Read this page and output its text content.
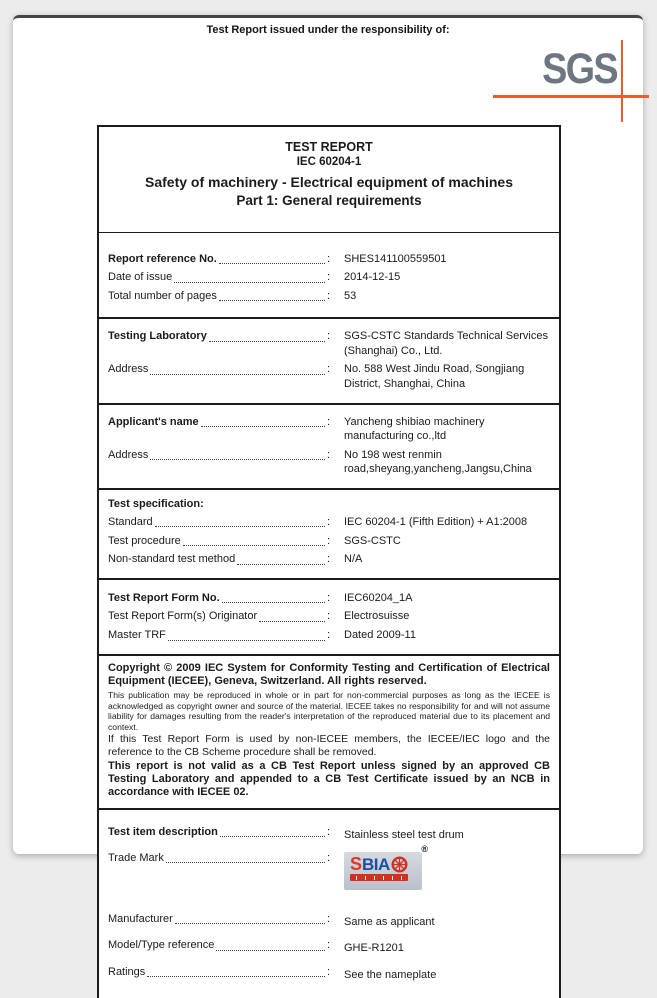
Test Report issued under the responsibility of:
SGS
TEST REPORT
IEC 60204-1
Safety of machinery - Electrical equipment of machines
Part 1: General requirements
Report reference No.
:	SHES141100559501
Date of issue
:	2014-12-15
Total number of pages
:	53
Testing Laboratory
:	SGS-CSTC Standards Technical Services (Shanghai) Co., Ltd.
Address
:	No. 588 West Jindu Road, Songjiang District, Shanghai, China
Applicant's name
:	Yancheng shibiao machinery manufacturing co.,ltd
Address
:	No 198 west renmin road,sheyang,yancheng,Jangsu,China
Test specification:
Standard
:	IEC 60204-1 (Fifth Edition) + A1:2008
Test procedure
:	SGS-CSTC
Non-standard test method
:	N/A
Test Report Form No.
:	IEC60204_1A
Test Report Form(s) Originator
:	Electrosuisse
Master TRF
:	Dated 2009-11
Copyright © 2009 IEC System for Conformity Testing and Certification of Electrical Equipment (IECEE), Geneva, Switzerland. All rights reserved.
This publication may be reproduced in whole or in part for non-commercial purposes as long as the IECEE is acknowledged as copyright owner and source of the material. IECEE takes no responsibility for and will not assume liability for damages resulting from the reader's interpretation of the reproduced material due to its placement and context.
If this Test Report Form is used by non-IECEE members, the IECEE/IEC logo and the reference to the CB Scheme procedure shall be removed.
This report is not valid as a CB Test Report unless signed by an approved CB Testing Laboratory and appended to a CB Test Certificate issued by an NCB in accordance with IECEE 02.
Test item description
:	Stainless steel test drum
Trade Mark
:
®
S BIA
Manufacturer
:	Same as applicant
Model/Type reference
:	GHE-R1201
Ratings
:	See the nameplate
